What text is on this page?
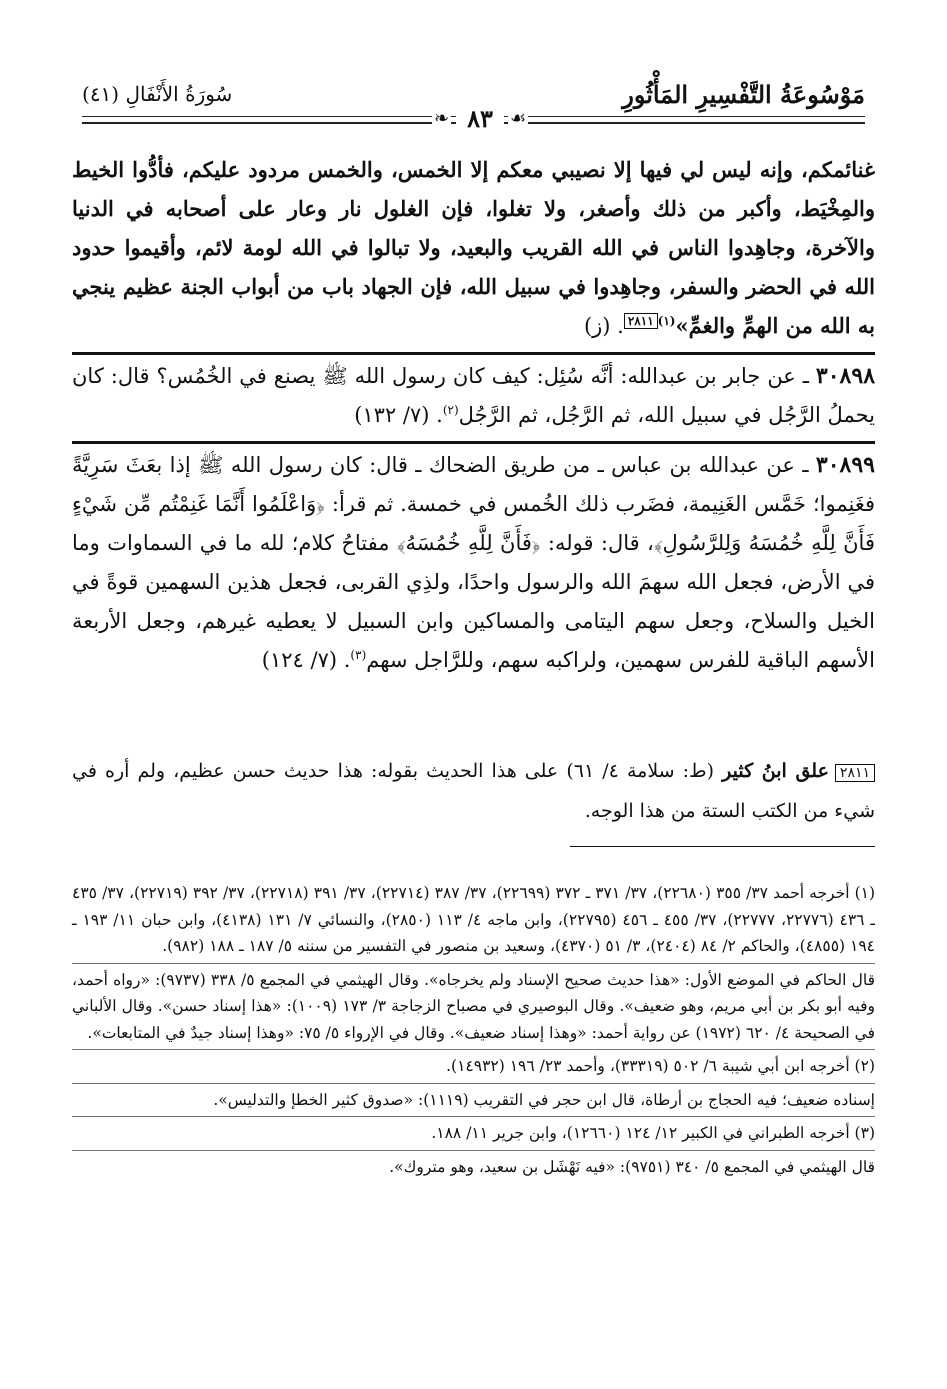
مَوْسُوعَةُ التَّفْسِيرِ المَأْثُورِ
سُورَةُ الأَنْفَالِ (٤١)
❧ ٨٣ ☙

غنائمكم، وإنه ليس لي فيها إلا نصيبي معكم إلا الخمس، والخمس مردود عليكم، فأدُّوا الخيط والمِخْيَط، وأكبر من ذلك وأصغر، ولا تغلوا، فإن الغلول نار وعار على أصحابه في الدنيا والآخرة، وجاهِدوا الناس في الله القريب والبعيد، ولا تبالوا في الله لومة لائم، وأقيموا حدود الله في الحضر والسفر، وجاهِدوا في سبيل الله، فإن الجهاد باب من أبواب الجنة عظيم ينجي به الله من الهمِّ والغمِّ»$^{(١)٢٨١١}$. (ز)

٣٠٨٩٨ ـ عن جابر بن عبدالله: أنَّه سُئِل: كيف كان رسول الله ﷺ يصنع في الخُمُس؟ قال: كان يحملُ الرَّجُل في سبيل الله، ثم الرَّجُل، ثم الرَّجُل$^{(٢)}$. (٧/ ١٣٢)

٣٠٨٩٩ ـ عن عبدالله بن عباس ـ من طريق الضحاك ـ قال: كان رسول الله ﷺ إذا بعَثَ سَرِيَّةً فغَنِموا؛ خَمَّس الغَنِيمة، فضَرب ذلك الخُمس في خمسة. ثم قرأ: ﴿وَاعْلَمُوا أَنَّمَا غَنِمْتُم مِّن شَيْءٍ فَأَنَّ لِلَّهِ خُمُسَهُ وَلِلرَّسُولِ﴾، قال: قوله: ﴿فَأَنَّ لِلَّهِ خُمُسَهُ﴾ مفتاحُ كلام؛ لله ما في السماوات وما في الأرض، فجعل الله سهمَ الله والرسول واحدًا، ولذِي القربى، فجعل هذين السهمين قوةً في الخيل والسلاح، وجعل سهم اليتامى والمساكين وابن السبيل لا يعطيه غيرهم، وجعل الأربعة الأسهم الباقية للفرس سهمين، ولراكبه سهم، وللرَّاجل سهم$^{(٣)}$. (٧/ ١٢٤)

٢٨١١علق ابنُ كثير (ط: سلامة ٤/ ٦١) على هذا الحديث بقوله: هذا حديث حسن عظيم، ولم أره في شيء من الكتب الستة من هذا الوجه.

(١) أخرجه أحمد ٣٧/ ٣٥٥ (٢٢٦٨٠)، ٣٧/ ٣٧١ ـ ٣٧٢ (٢٢٦٩٩)، ٣٧/ ٣٨٧ (٢٢٧١٤)، ٣٧/ ٣٩١ (٢٢٧١٨)، ٣٧/ ٣٩٢ (٢٢٧١٩)، ٣٧/ ٤٣٥ ـ ٤٣٦ (٢٢٧٧٦، ٢٢٧٧٧)، ٣٧/ ٤٥٥ ـ ٤٥٦ (٢٢٧٩٥)، وابن ماجه ٤/ ١١٣ (٢٨٥٠)، والنسائي ٧/ ١٣١ (٤١٣٨)، وابن حبان ١١/ ١٩٣ ـ ١٩٤ (٤٨٥٥)، والحاكم ٢/ ٨٤ (٢٤٠٤)، ٣/ ٥١ (٤٣٧٠)، وسعيد بن منصور في التفسير من سننه ٥/ ١٨٧ ـ ١٨٨ (٩٨٢).

قال الحاكم في الموضع الأول: «هذا حديث صحيح الإسناد ولم يخرجاه». وقال الهيثمي في المجمع ٥/ ٣٣٨ (٩٧٣٧): «رواه أحمد، وفيه أبو بكر بن أبي مريم، وهو ضعيف». وقال البوصيري في مصباح الزجاجة ٣/ ١٧٣ (١٠٠٩): «هذا إسناد حسن». وقال الألباني في الصحيحة ٤/ ٦٢٠ (١٩٧٢) عن رواية أحمد: «وهذا إسناد ضعيف». وقال في الإرواء ٥/ ٧٥: «وهذا إسناد جيدٌ في المتابعات».

(٢) أخرجه ابن أبي شيبة ٦/ ٥٠٢ (٣٣٣١٩)، وأحمد ٢٣/ ١٩٦ (١٤٩٣٢).

إسناده ضعيف؛ فيه الحجاج بن أرطاة، قال ابن حجر في التقريب (١١١٩): «صدوق كثير الخطإ والتدليس».

(٣) أخرجه الطبراني في الكبير ١٢/ ١٢٤ (١٢٦٦٠)، وابن جرير ١١/ ١٨٨.

قال الهيثمي في المجمع ٥/ ٣٤٠ (٩٧٥١): «فيه نَهْشَل بن سعيد، وهو متروك».
